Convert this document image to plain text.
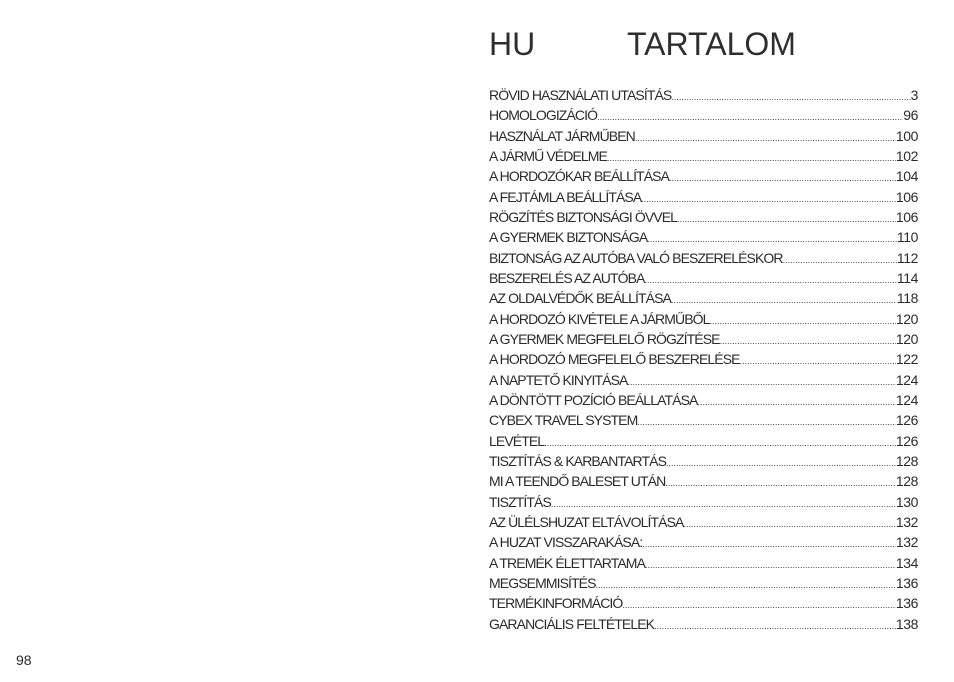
HU	TARTALOM
RÖVID HASZNÁLATI UTASÍTÁS .....	3
HOMOLOGIZÁCIÓ .....	96
HASZNÁLAT JÁRMŰBEN .....	100
A JÁRMŰ VÉDELME .....	102
A HORDOZÓKAR BEÁLLÍTÁSA .....	104
A FEJTÁMLA BEÁLLÍTÁSA .....	106
RÖGZÍTÉS BIZTONSÁGI ÖVVEL .....	106
A GYERMEK BIZTONSÁGA .....	110
BIZTONSÁG AZ AUTÓBA VALÓ BESZERELÉSKOR .....	112
BESZERELÉS AZ AUTÓBA .....	114
AZ OLDALVÉDŐK BEÁLLÍTÁSA .....	118
A HORDOZÓ KIVÉTELE A JÁRMŰBŐL .....	120
A GYERMEK MEGFELELŐ RÖGZÍTÉSE .....	120
A HORDOZÓ MEGFELELŐ BESZERELÉSE .....	122
A NAPTETŐ KINYITÁSA .....	124
A DÖNTÖTT POZÍCIÓ BEÁLLATÁSA .....	124
CYBEX TRAVEL SYSTEM .....	126
LEVÉTEL .....	126
TISZTÍTÁS & KARBANTARTÁS .....	128
MI A TEENDŐ BALESET UTÁN .....	128
TISZTÍTÁS .....	130
AZ ÜLÉLSHUZAT ELTÁVOLÍTÁSA .....	132
A HUZAT VISSZARAKÁSA: .....	132
A TREMÉK ÉLETTARTAMA .....	134
MEGSEMMISÍTÉS .....	136
TERMÉKINFORMÁCIÓ .....	136
GARANCIÁLIS FELTÉTELEK .....	138
98
